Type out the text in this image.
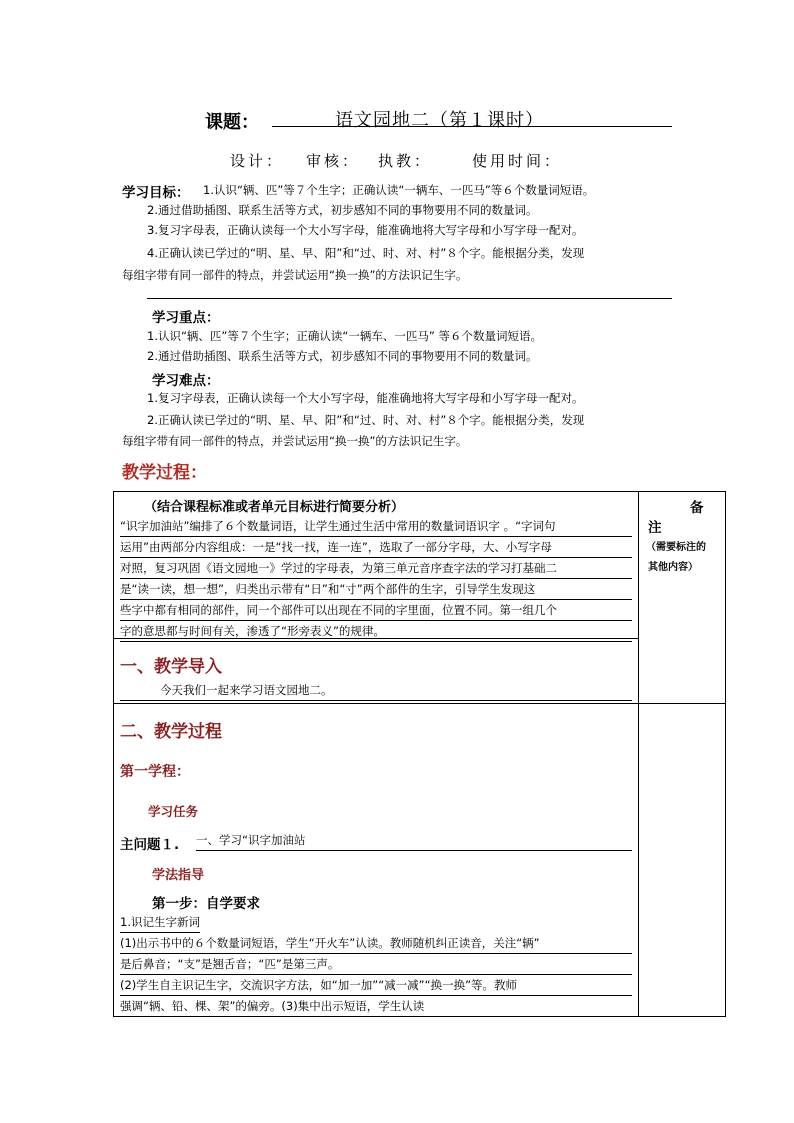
课题：	语文园地二（第１课时）
设计： 审核： 执教：	使用时间：
学习目标： 1.认识“辆、匹”等７个生字；正确认读“一辆车、一匹马”等６个数量词短语。
2.通过借助插图、联系生活等方式，初步感知不同的事物要用不同的数量词。
3.复习字母表，正确认读每一个大小写字母，能准确地将大写字母和小写字母一配对。
4.正确认读已学过的“明、星、早、阳”和“过、时、对、村”８个字。能根据分类，发现
每组字带有同一部件的特点，并尝试运用“换一换”的方法识记生字。
学习重点：
1.认识“辆、匹”等７个生字；正确认读“一辆车、一匹马” 等６个数量词短语。
2.通过借助插图、联系生活等方式，初步感知不同的事物要用不同的数量词。
学习难点：
1.复习字母表，正确认读每一个大小写字母，能准确地将大写字母和小写字母一配对。
2.正确认读已学过的“明、星、早、阳”和“过、时、对、村”８个字。能根据分类，发现
每组字带有同一部件的特点，并尝试运用“换一换”的方法识记生字。
教学过程：
（结合课程标准或者单元目标进行简要分析）
“识字加油站”编排了６个数量词语，让学生通过生活中常用的数量词语识字 。“字词句
运用”由两部分内容组成：一是“找一找，连一连”，选取了一部分字母，大、小写字母
对照，复习巩固《语文园地一》学过的字母表，为第三单元音序查字法的学习打基础二
是“读一读，想一想”，归类出示带有“日”和“寸”两个部件的生字，引导学生发现这
些字中都有相同的部件，同一个部件可以出现在不同的字里面，位置不同。第一组几个
字的意思都与时间有关，渗透了“形旁表义”的规律。
备
注
（需要标注的
其他内容）
一、教学导入
今天我们一起来学习语文园地二。
二、教学过程
第一学程：
学习任务
主问题１. 一、学习“识字加油站
学法指导
第一步：自学要求
1.识记生字新词
(1)出示书中的６个数量词短语，学生“开火车”认读。教师随机纠正读音，关注“辆”
是后鼻音；“支”是翘舌音；“匹”是第三声。
(2)学生自主识记生字，交流识字方法，如“加一加”“减一减”“换一换”等。教师
强调“辆、铅、棵、架”的偏旁。(3)集中出示短语，学生认读
